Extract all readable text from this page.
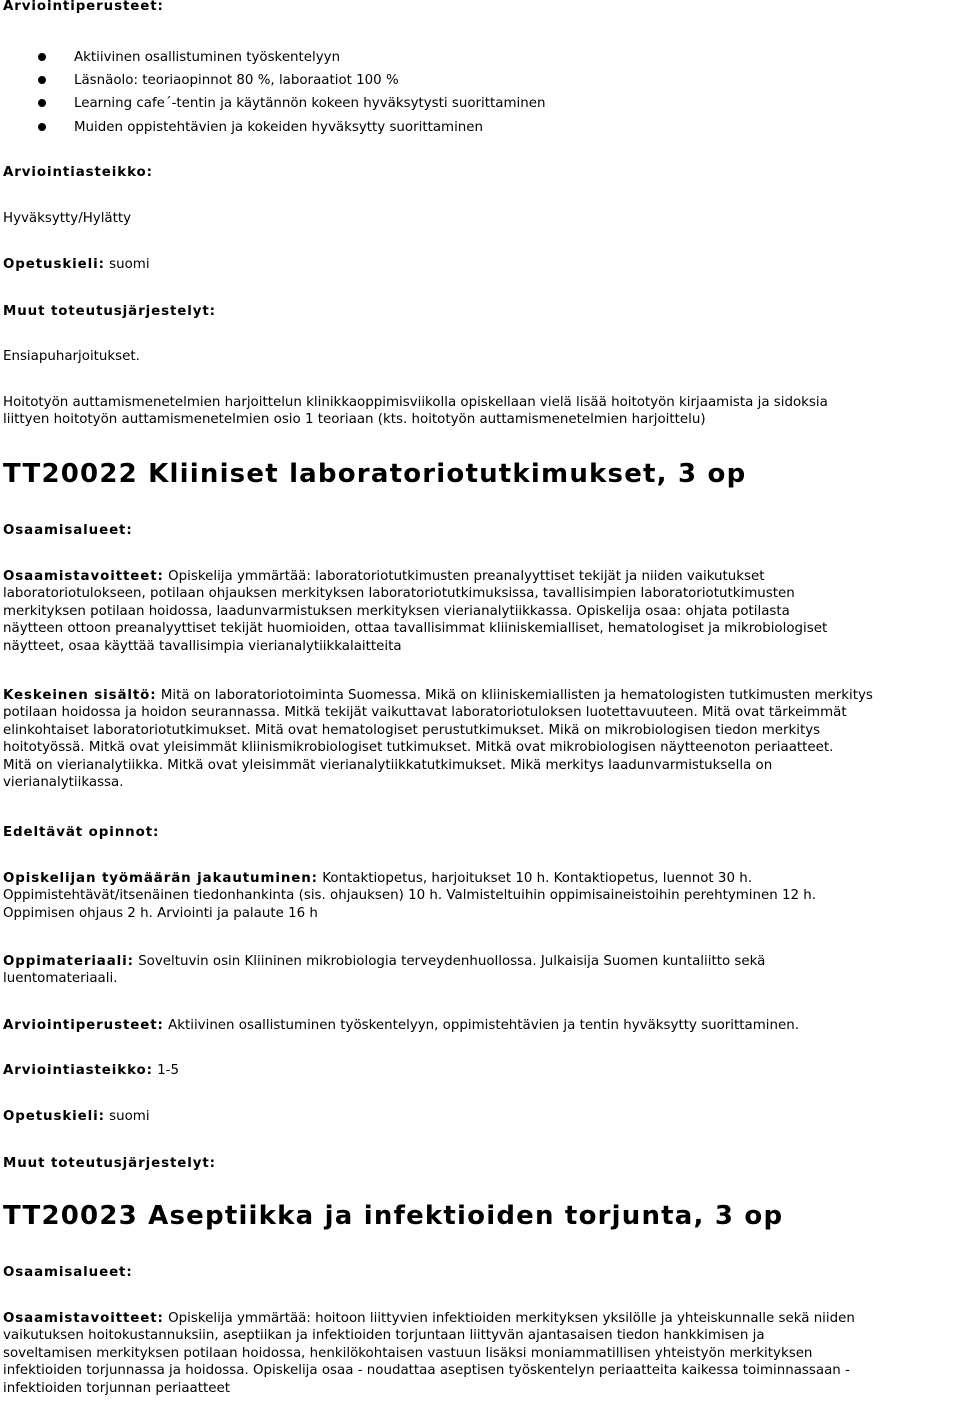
Arviointiperusteet:
Aktiivinen osallistuminen työskentelyyn
Läsnäolo: teoriaopinnot 80 %, laboraatiot 100 %
Learning cafe´-tentin ja käytännön kokeen hyväksytysti suorittaminen
Muiden oppistehtävien ja kokeiden hyväksytty suorittaminen
Arviointiasteikko:
Hyväksytty/Hylätty
Opetuskieli: suomi
Muut toteutusjärjestelyt:
Ensiapuharjoitukset.
Hoitotyön auttamismenetelmien harjoittelun klinikkaoppimisviikolla opiskellaan vielä lisää hoitotyön kirjaamista ja sidoksia
liittyen hoitotyön auttamismenetelmien osio 1 teoriaan (kts. hoitotyön auttamismenetelmien harjoittelu)
TT20022 Kliiniset laboratoriotutkimukset, 3 op
Osaamisalueet:
Osaamistavoitteet: Opiskelija ymmärtää: laboratoriotutkimusten preanalyyttiset tekijät ja niiden vaikutukset
laboratoriotulokseen, potilaan ohjauksen merkityksen laboratoriotutkimuksissa, tavallisimpien laboratoriotutkimusten
merkityksen potilaan hoidossa, laadunvarmistuksen merkityksen vierianalytiikkassa. Opiskelija osaa: ohjata potilasta
näytteen ottoon preanalyyttiset tekijät huomioiden, ottaa tavallisimmat kliiniskemialliset, hematologiset ja mikrobiologiset
näytteet, osaa käyttää tavallisimpia vierianalytiikkalaitteita
Keskeinen sisältö: Mitä on laboratoriotoiminta Suomessa. Mikä on kliiniskemiallisten ja hematologisten tutkimusten merkitys
potilaan hoidossa ja hoidon seurannassa. Mitkä tekijät vaikuttavat laboratoriotuloksen luotettavuuteen. Mitä ovat tärkeimmät
elinkohtaiset laboratoriotutkimukset. Mitä ovat hematologiset perustutkimukset. Mikä on mikrobiologisen tiedon merkitys
hoitotyössä. Mitkä ovat yleisimmät kliinismikrobiologiset tutkimukset. Mitkä ovat mikrobiologisen näytteenoton periaatteet.
Mitä on vierianalytiikka. Mitkä ovat yleisimmät vierianalytiikkatutkimukset. Mikä merkitys laadunvarmistuksella on
vierianalytiikassa.
Edeltävät opinnot:
Opiskelijan työmäärän jakautuminen: Kontaktiopetus, harjoitukset 10 h. Kontaktiopetus, luennot 30 h.
Oppimistehtävät/itsenäinen tiedonhankinta (sis. ohjauksen) 10 h. Valmisteltuihin oppimisaineistoihin perehtyminen 12 h.
Oppimisen ohjaus 2 h. Arviointi ja palaute 16 h
Oppimateriaali: Soveltuvin osin Kliininen mikrobiologia terveydenhuollossa. Julkaisija Suomen kuntaliitto sekä
luentomateriaali.
Arviointiperusteet: Aktiivinen osallistuminen työskentelyyn, oppimistehtävien ja tentin hyväksytty suorittaminen.
Arviointiasteikko: 1-5
Opetuskieli: suomi
Muut toteutusjärjestelyt:
TT20023 Aseptiikka ja infektioiden torjunta, 3 op
Osaamisalueet:
Osaamistavoitteet: Opiskelija ymmärtää: hoitoon liittyvien infektioiden merkityksen yksilölle ja yhteiskunnalle sekä niiden
vaikutuksen hoitokustannuksiin, aseptiikan ja infektioiden torjuntaan liittyvän ajantasaisen tiedon hankkimisen ja
soveltamisen merkityksen potilaan hoidossa, henkilökohtaisen vastuun lisäksi moniammatillisen yhteistyön merkityksen
infektioiden torjunnassa ja hoidossa. Opiskelija osaa - noudattaa aseptisen työskentelyn periaatteita kaikessa toiminnassaan -
infektioiden torjunnan periaatteet
